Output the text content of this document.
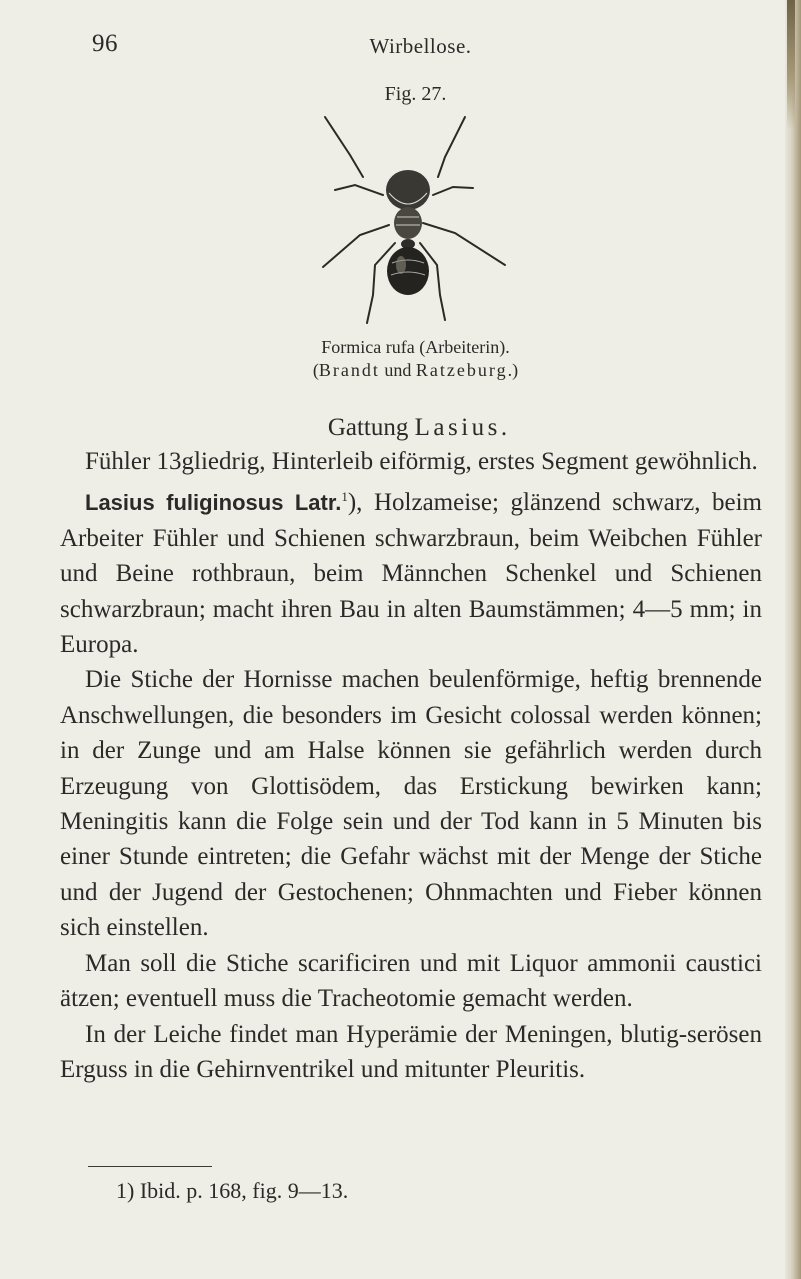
96	Wirbellose.
Fig. 27.
Formica rufa (Arbeiterin).
(Brandt und Ratzeburg.)
Gattung Lasius.

Fühler 13gliedrig, Hinterleib eiförmig, erstes Segment gewöhnlich.

Lasius fuliginosus Latr.$^1$), Holzameise; glänzend schwarz, beim Arbeiter Fühler und Schienen schwarzbraun, beim Weibchen Fühler und Beine rothbraun, beim Männchen Schenkel und Schienen schwarzbraun; macht ihren Bau in alten Baumstämmen; 4—5 mm; in Europa.

Die Stiche der Hornisse machen beulenförmige, heftig brennende Anschwellungen, die besonders im Gesicht colossal werden können; in der Zunge und am Halse können sie gefährlich werden durch Erzeugung von Glottisödem, das Erstickung bewirken kann; Meningitis kann die Folge sein und der Tod kann in 5 Minuten bis einer Stunde eintreten; die Gefahr wächst mit der Menge der Stiche und der Jugend der Gestochenen; Ohnmachten und Fieber können sich einstellen.

Man soll die Stiche scarificiren und mit Liquor ammonii caustici ätzen; eventuell muss die Tracheotomie gemacht werden.

In der Leiche findet man Hyperämie der Meningen, blutig-serösen Erguss in die Gehirnventrikel und mitunter Pleuritis.

1) Ibid. p. 168, fig. 9—13.
